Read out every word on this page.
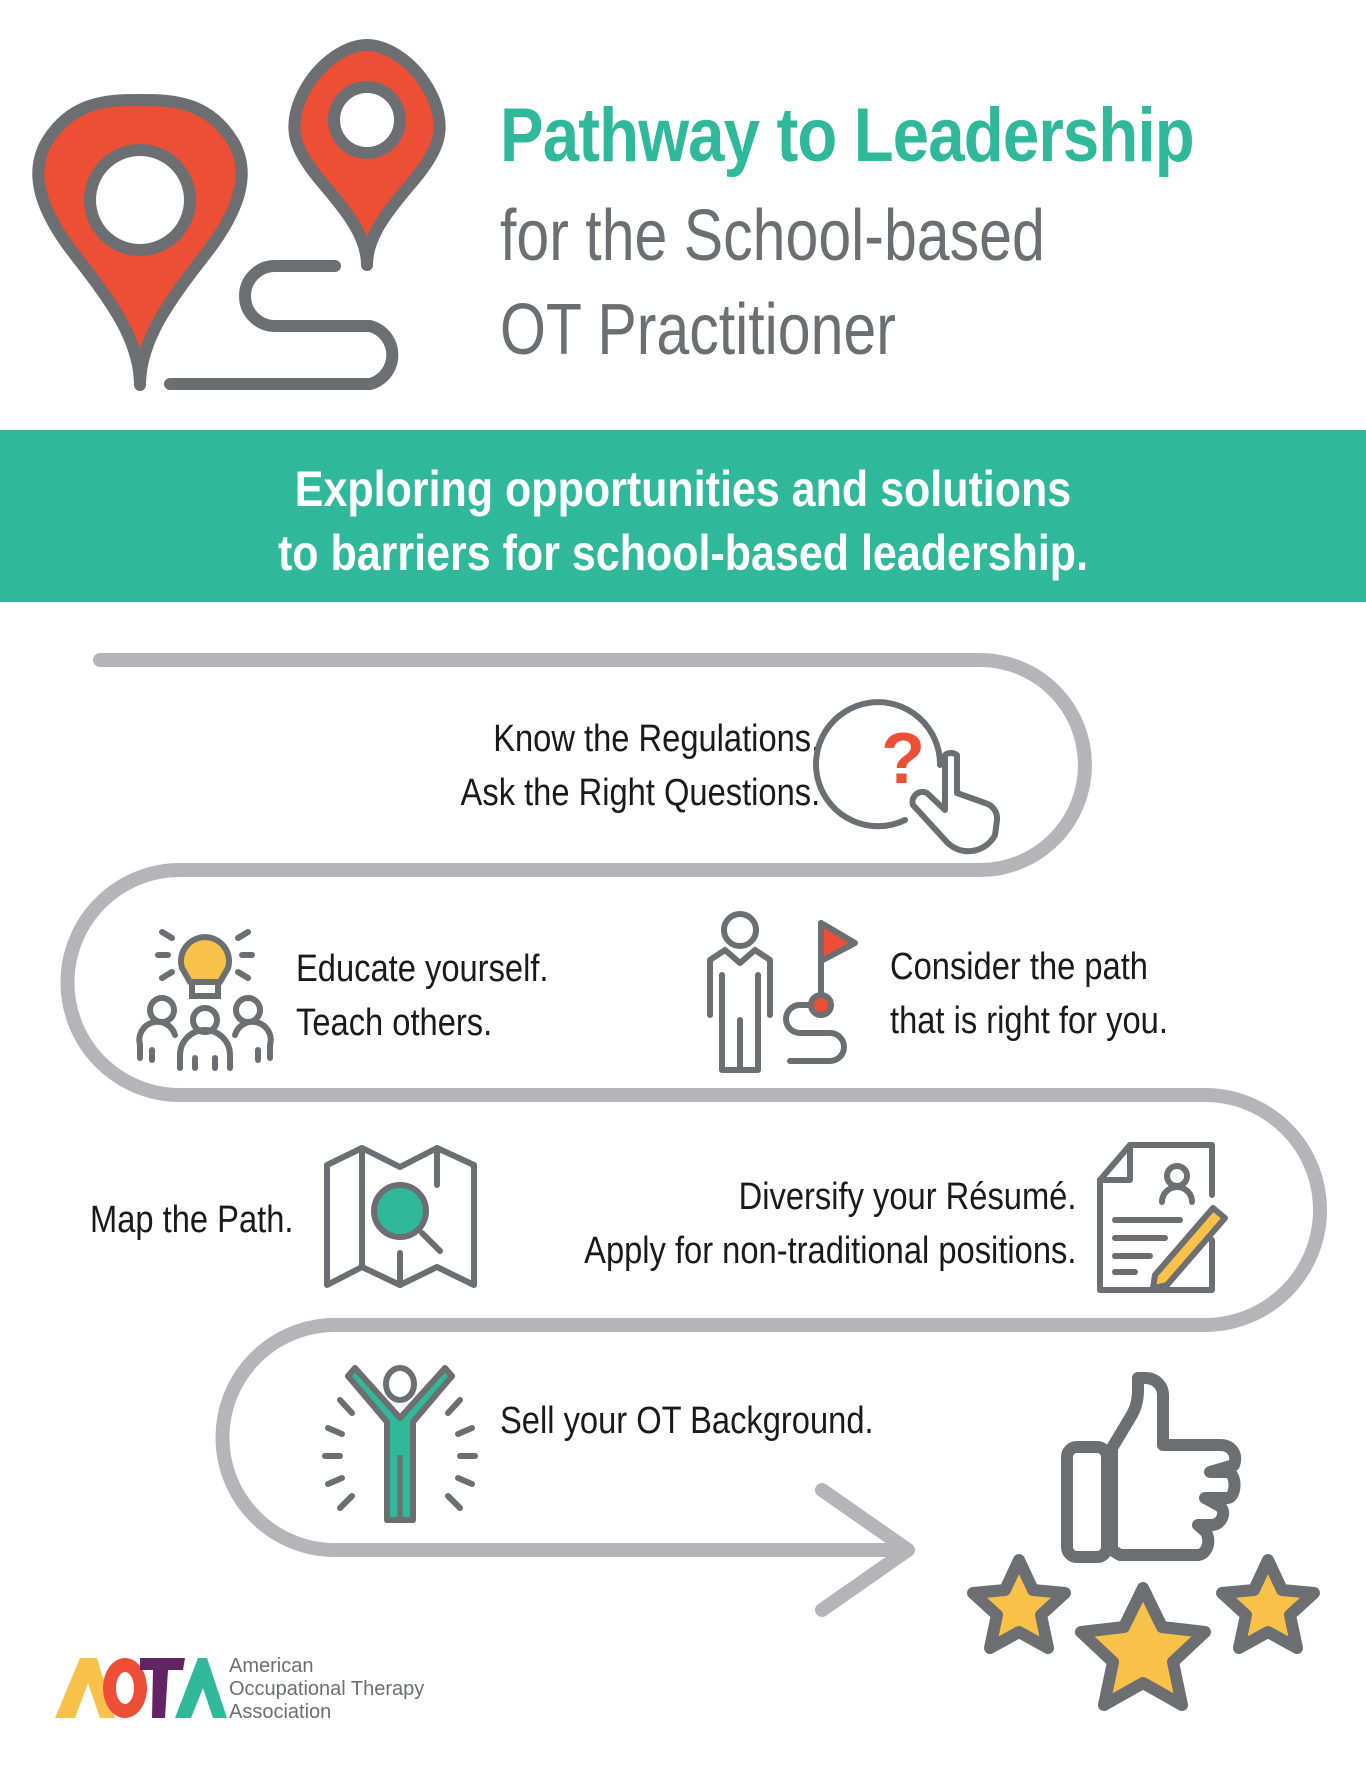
Pathway to Leadership
for the School-based
OT Practitioner
Exploring opportunities and solutions
to barriers for school-based leadership.
Know the Regulations.
Ask the Right Questions. ?
Educate yourself.
Teach others.
Consider the path
that is right for you.
Map the Path.
Diversify your Résumé.
Apply for non-traditional positions.
Sell your OT Background.
American
Occupational Therapy
Association
